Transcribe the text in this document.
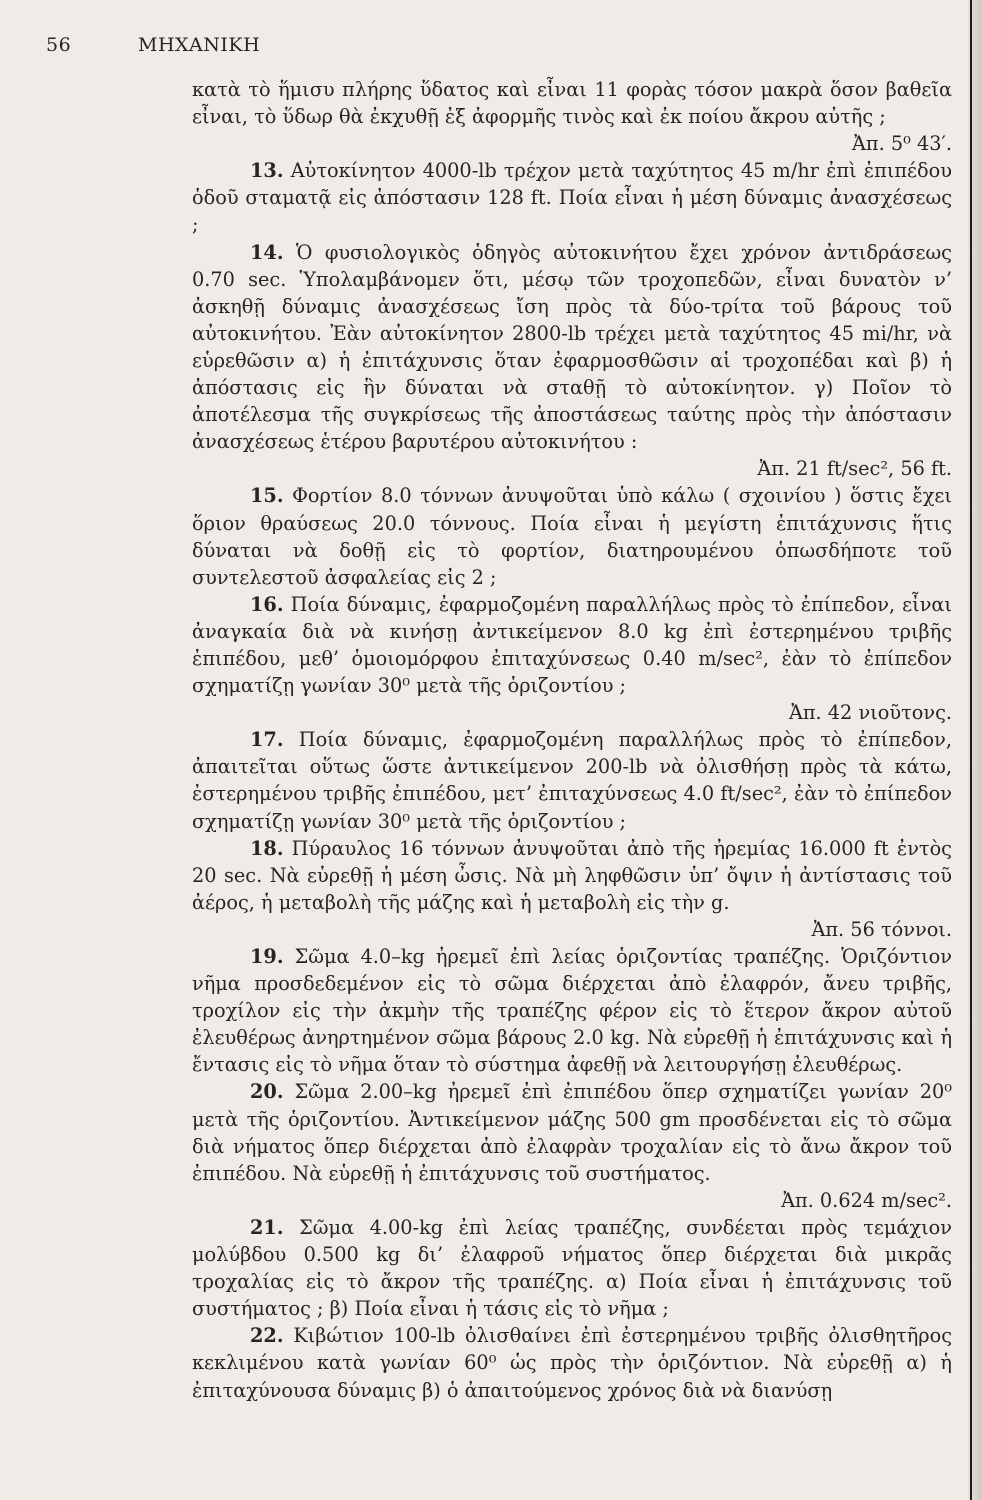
56	ΜΗΧΑΝΙΚΗ

κατὰ τὸ ἥμισυ πλήρης ὕδατος καὶ εἶναι 11 φορὰς τόσον μακρὰ ὅσον βαθεῖα εἶναι, τὸ ὕδωρ θὰ ἐκχυθῇ ἐξ ἀφορμῆς τινὸς καὶ ἐκ ποίου ἄκρου αὐτῆς ;

Ἀπ. 5⁰ 43′.

13. Αὐτοκίνητον 4000-lb τρέχον μετὰ ταχύτητος 45 m/hr ἐπὶ ἐπιπέδου ὁδοῦ σταματᾷ εἰς ἀπόστασιν 128 ft. Ποία εἶναι ἡ μέση δύναμις ἀνασχέσεως ;

14. Ὁ φυσιολογικὸς ὁδηγὸς αὐτοκινήτου ἔχει χρόνον ἀντιδράσεως 0.70 sec. Ὑπολαμβάνομεν ὅτι, μέσῳ τῶν τροχοπεδῶν, εἶναι δυνατὸν ν’ ἀσκηθῇ δύναμις ἀνασχέσεως ἴση πρὸς τὰ δύο-τρίτα τοῦ βάρους τοῦ αὐτοκινήτου. Ἐὰν αὐτοκίνητον 2800-lb τρέχει μετὰ ταχύτητος 45 mi/hr, νὰ εὑρεθῶσιν α) ἡ ἐπιτάχυνσις ὅταν ἐφαρμοσθῶσιν αἱ τροχοπέδαι καὶ β) ἡ ἀπόστασις εἰς ἣν δύναται νὰ σταθῇ τὸ αὐτοκίνητον. γ) Ποῖον τὸ ἀποτέλεσμα τῆς συγκρίσεως τῆς ἀποστάσεως ταύτης πρὸς τὴν ἀπόστασιν ἀνασχέσεως ἑτέρου βαρυτέρου αὐτοκινήτου :

Ἀπ. 21 ft/sec², 56 ft.

15. Φορτίον 8.0 τόννων ἀνυψοῦται ὑπὸ κάλω ( σχοινίου ) ὅστις ἔχει ὅριον θραύσεως 20.0 τόννους. Ποία εἶναι ἡ μεγίστη ἐπιτάχυνσις ἥτις δύναται νὰ δοθῇ εἰς τὸ φορτίον, διατηρουμένου ὁπωσδήποτε τοῦ συντελεστοῦ ἀσφαλείας εἰς 2 ;

16. Ποία δύναμις, ἐφαρμοζομένη παραλλήλως πρὸς τὸ ἐπίπεδον, εἶναι ἀναγκαία διὰ νὰ κινήσῃ ἀντικείμενον 8.0 kg ἐπὶ ἐστερημένου τριβῆς ἐπιπέδου, μεθ’ ὁμοιομόρφου ἐπιταχύνσεως 0.40 m/sec², ἐὰν τὸ ἐπίπεδον σχηματίζῃ γωνίαν 30⁰ μετὰ τῆς ὁριζοντίου ;

Ἀπ. 42 νιοῦτονς.

17. Ποία δύναμις, ἐφαρμοζομένη παραλλήλως πρὸς τὸ ἐπίπεδον, ἀπαιτεῖται οὕτως ὥστε ἀντικείμενον 200-lb νὰ ὀλισθήσῃ πρὸς τὰ κάτω, ἐστερημένου τριβῆς ἐπιπέδου, μετ’ ἐπιταχύνσεως 4.0 ft/sec², ἐὰν τὸ ἐπίπεδον σχηματίζῃ γωνίαν 30⁰ μετὰ τῆς ὁριζοντίου ;

18. Πύραυλος 16 τόννων ἀνυψοῦται ἀπὸ τῆς ἠρεμίας 16.000 ft ἐντὸς 20 sec. Νὰ εὑρεθῇ ἡ μέση ὦσις. Νὰ μὴ ληφθῶσιν ὑπ’ ὄψιν ἡ ἀντίστασις τοῦ ἀέρος, ἡ μεταβολὴ τῆς μάζης καὶ ἡ μεταβολὴ εἰς τὴν g.

Ἀπ. 56 τόννοι.

19. Σῶμα 4.0–kg ἠρεμεῖ ἐπὶ λείας ὁριζοντίας τραπέζης. Ὁριζόντιον νῆμα προσδεδεμένον εἰς τὸ σῶμα διέρχεται ἀπὸ ἐλαφρόν, ἄνευ τριβῆς, τροχίλον εἰς τὴν ἀκμὴν τῆς τραπέζης φέρον εἰς τὸ ἕτερον ἄκρον αὐτοῦ ἐλευθέρως ἀνηρτημένον σῶμα βάρους 2.0 kg. Νὰ εὑρεθῇ ἡ ἐπιτάχυνσις καὶ ἡ ἔντασις εἰς τὸ νῆμα ὅταν τὸ σύστημα ἀφεθῇ νὰ λειτουργήσῃ ἐλευθέρως.

20. Σῶμα 2.00–kg ἠρεμεῖ ἐπὶ ἐπιπέδου ὅπερ σχηματίζει γωνίαν 20⁰ μετὰ τῆς ὁριζοντίου. Ἀντικείμενον μάζης 500 gm προσδένεται εἰς τὸ σῶμα διὰ νήματος ὅπερ διέρχεται ἀπὸ ἐλαφρὰν τροχαλίαν εἰς τὸ ἄνω ἄκρον τοῦ ἐπιπέδου. Νὰ εὑρεθῇ ἡ ἐπιτάχυνσις τοῦ συστήματος.

Ἀπ. 0.624 m/sec².

21. Σῶμα 4.00-kg ἐπὶ λείας τραπέζης, συνδέεται πρὸς τεμάχιον μολύβδου 0.500 kg δι’ ἐλαφροῦ νήματος ὅπερ διέρχεται διὰ μικρᾶς τροχαλίας εἰς τὸ ἄκρον τῆς τραπέζης. α) Ποία εἶναι ἡ ἐπιτάχυνσις τοῦ συστήματος ; β) Ποία εἶναι ἡ τάσις εἰς τὸ νῆμα ;

22. Κιβώτιον 100-lb ὀλισθαίνει ἐπὶ ἐστερημένου τριβῆς ὀλισθητῆρος κεκλιμένου κατὰ γωνίαν 60⁰ ὡς πρὸς τὴν ὁριζόντιον. Νὰ εὑρεθῇ α) ἡ ἐπιταχύνουσα δύναμις β) ὁ ἀπαιτούμενος χρόνος διὰ νὰ διανύσῃ
